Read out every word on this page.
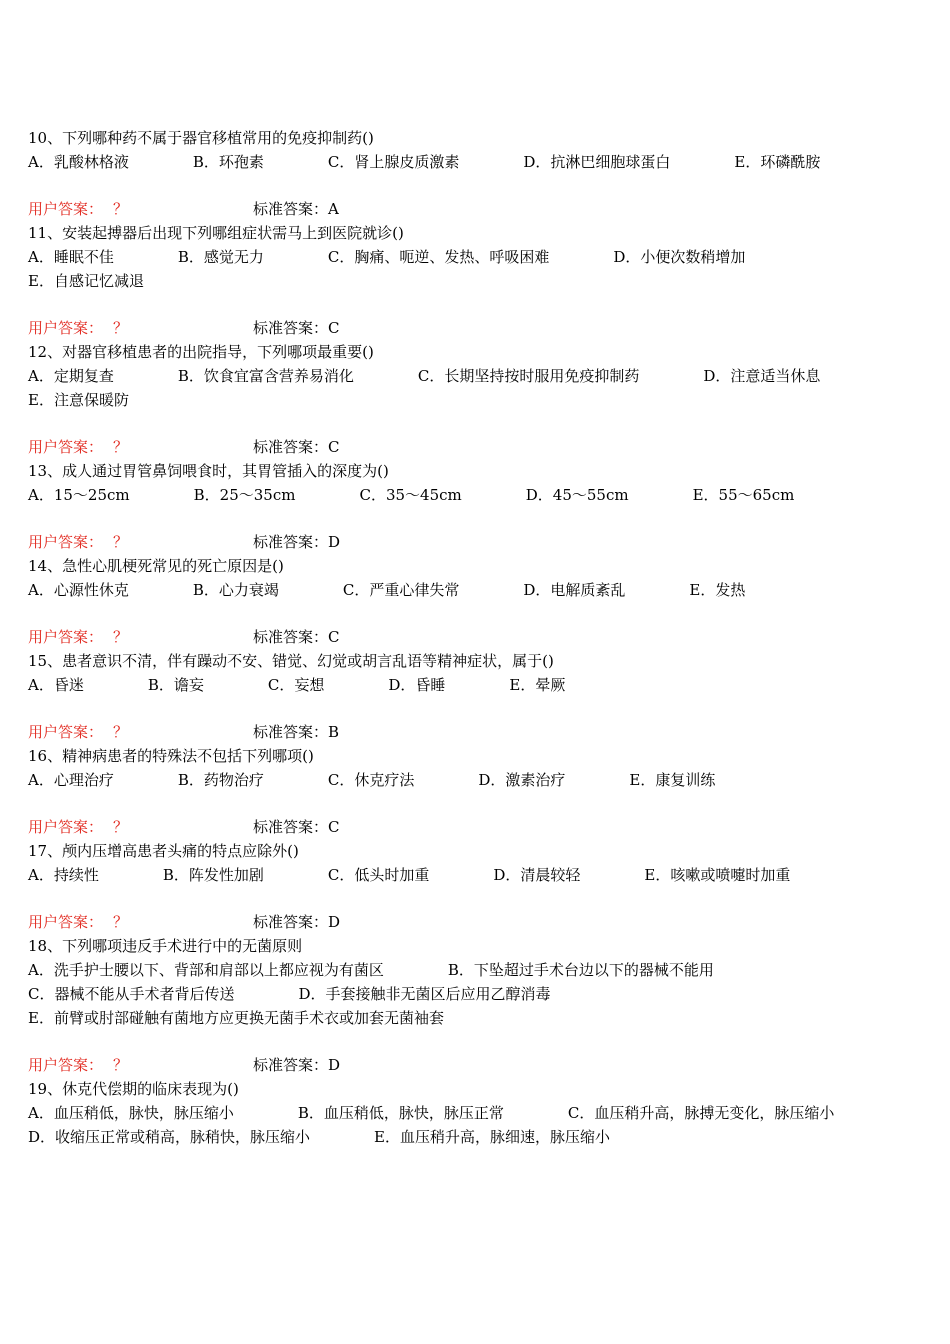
10、下列哪种药不属于器官移植常用的免疫抑制药()
A．乳酸林格液	B．环孢素	C．肾上腺皮质激素	D．抗淋巴细胞球蛋白	E．环磷酰胺
用户答案： ？	标准答案：A
11、安装起搏器后出现下列哪组症状需马上到医院就诊()
A．睡眠不佳	B．感觉无力	C．胸痛、呃逆、发热、呼吸困难	D．小便次数稍增加E．自感记忆减退
用户答案： ？	标准答案：C
12、对器官移植患者的出院指导，下列哪项最重要()
A．定期复查	B．饮食宜富含营养易消化	C．长期坚持按时服用免疫抑制药	D．注意适当休息E．注意保暖防
用户答案： ？	标准答案：C
13、成人通过胃管鼻饲喂食时，其胃管插入的深度为()
A．15～25cm	B．25～35cm	C．35～45cm	D．45～55cm	E．55～65cm
用户答案： ？	标准答案：D
14、急性心肌梗死常见的死亡原因是()
A．心源性休克	B．心力衰竭	C．严重心律失常	D．电解质紊乱	E．发热
用户答案： ？	标准答案：C
15、患者意识不清，伴有躁动不安、错觉、幻觉或胡言乱语等精神症状，属于()
A．昏迷	B．谵妄	C．妄想	D．昏睡	E．晕厥
用户答案： ？	标准答案：B
16、精神病患者的特殊法不包括下列哪项()
A．心理治疗	B．药物治疗	C．休克疗法	D．激素治疗	E．康复训练
用户答案： ？	标准答案：C
17、颅内压增高患者头痛的特点应除外()
A．持续性	B．阵发性加剧	C．低头时加重	D．清晨较轻	E．咳嗽或喷嚏时加重
用户答案： ？	标准答案：D
18、下列哪项违反手术进行中的无菌原则
A．洗手护士腰以下、背部和肩部以上都应视为有菌区	B．下坠超过手术台边以下的器械不能用C．器械不能从手术者背后传送	D．手套接触非无菌区后应用乙醇消毒E．前臂或肘部碰触有菌地方应更换无菌手术衣或加套无菌袖套
用户答案： ？	标准答案：D
19、休克代偿期的临床表现为()
A．血压稍低，脉快，脉压缩小	B．血压稍低，脉快，脉压正常	C．血压稍升高，脉搏无变化，脉压缩小D．收缩压正常或稍高，脉稍快，脉压缩小	E．血压稍升高，脉细速，脉压缩小
